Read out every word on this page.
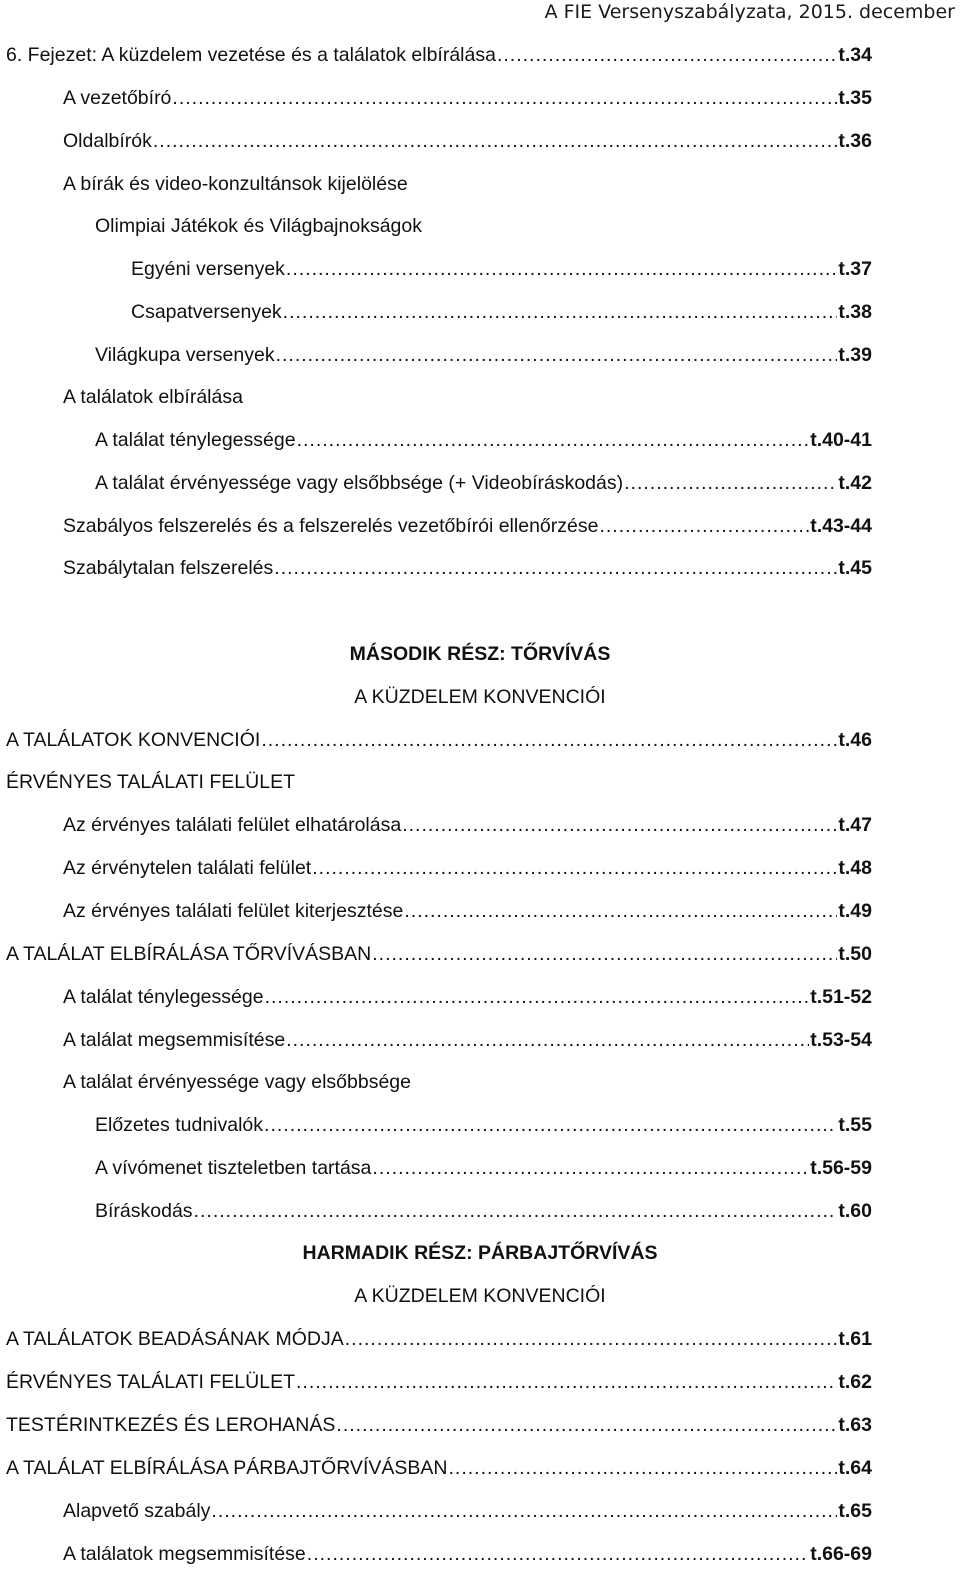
A FIE Versenyszabályzata, 2015. december
6. Fejezet: A küzdelem vezetése és a találatok elbírálása .....	t.34
A vezetőbíró .....	t.35
Oldalbírók .....	t.36
A bírák és video-konzultánsok kijelölése
Olimpiai Játékok és Világbajnokságok
Egyéni versenyek .....	t.37
Csapatversenyek .....	t.38
Világkupa versenyek .....	t.39
A találatok elbírálása
A találat ténylegessége .....	t.40-41
A találat érvényessége vagy elsőbbsége (+ Videobíráskodás) .....	t.42
Szabályos felszerelés és a felszerelés vezetőbírói ellenőrzése .....	t.43-44
Szabálytalan felszerelés .....	t.45
MÁSODIK RÉSZ: TŐRVÍVÁS
A KÜZDELEM KONVENCIÓI
A TALÁLATOK KONVENCIÓI .....	t.46
ÉRVÉNYES TALÁLATI FELÜLET
Az érvényes találati felület elhatárolása .....	t.47
Az érvénytelen találati felület .....	t.48
Az érvényes találati felület kiterjesztése .....	t.49
A TALÁLAT ELBÍRÁLÁSA TŐRVÍVÁSBAN .....	t.50
A találat ténylegessége .....	t.51-52
A találat megsemmisítése .....	t.53-54
A találat érvényessége vagy elsőbbsége
Előzetes tudnivalók .....	t.55
A vívómenet tiszteletben tartása .....	t.56-59
Bíráskodás .....	t.60
HARMADIK RÉSZ: PÁRBAJTŐRVÍVÁS
A KÜZDELEM KONVENCIÓI
A TALÁLATOK BEADÁSÁNAK MÓDJA .....	t.61
ÉRVÉNYES TALÁLATI FELÜLET .....	t.62
TESTÉRINTKEZÉS ÉS LEROHANÁS .....	t.63
A TALÁLAT ELBÍRÁLÁSA PÁRBAJTŐRVÍVÁSBAN .....	t.64
Alapvető szabály .....	t.65
A találatok megsemmisítése .....	t.66-69
